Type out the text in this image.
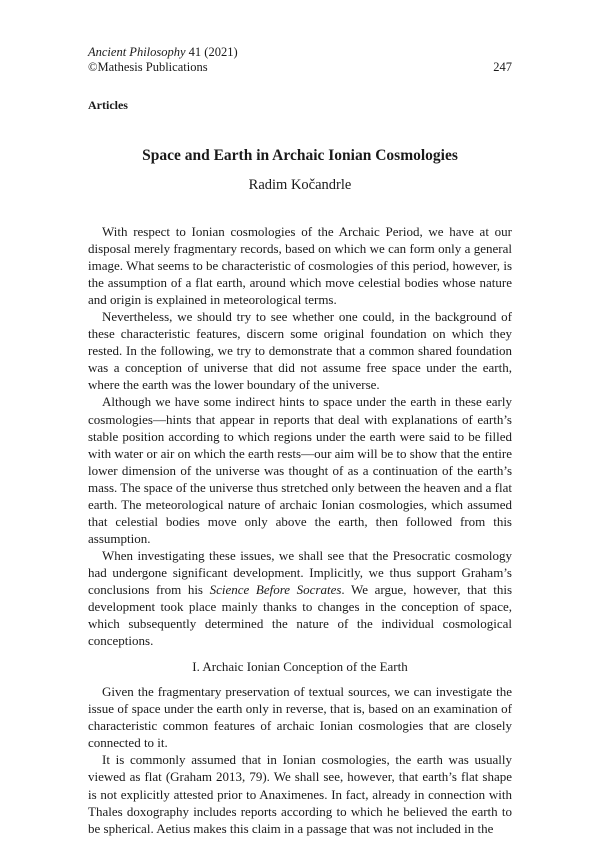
Ancient Philosophy 41 (2021)
©Mathesis Publications	247
Articles
Space and Earth in Archaic Ionian Cosmologies
Radim Kočandrle

With respect to Ionian cosmologies of the Archaic Period, we have at our disposal merely fragmentary records, based on which we can form only a general image. What seems to be characteristic of cosmologies of this period, however, is the assumption of a flat earth, around which move celestial bodies whose nature and origin is explained in meteorological terms.

Nevertheless, we should try to see whether one could, in the background of these characteristic features, discern some original foundation on which they rested. In the following, we try to demonstrate that a common shared foundation was a conception of universe that did not assume free space under the earth, where the earth was the lower boundary of the universe.

Although we have some indirect hints to space under the earth in these early cosmologies—hints that appear in reports that deal with explanations of earth’s stable position according to which regions under the earth were said to be filled with water or air on which the earth rests—our aim will be to show that the entire lower dimension of the universe was thought of as a continuation of the earth’s mass. The space of the universe thus stretched only between the heaven and a flat earth. The meteorological nature of archaic Ionian cosmologies, which assumed that celestial bodies move only above the earth, then followed from this assumption.

When investigating these issues, we shall see that the Presocratic cosmology had undergone significant development. Implicitly, we thus support Graham’s conclusions from his Science Before Socrates. We argue, however, that this development took place mainly thanks to changes in the conception of space, which subsequently determined the nature of the individual cosmological conceptions.

I. Archaic Ionian Conception of the Earth

Given the fragmentary preservation of textual sources, we can investigate the issue of space under the earth only in reverse, that is, based on an examination of characteristic common features of archaic Ionian cosmologies that are closely connected to it.

It is commonly assumed that in Ionian cosmologies, the earth was usually viewed as flat (Graham 2013, 79). We shall see, however, that earth’s flat shape is not explicitly attested prior to Anaximenes. In fact, already in connection with Thales doxography includes reports according to which he believed the earth to be spherical. Aetius makes this claim in a passage that was not included in the
